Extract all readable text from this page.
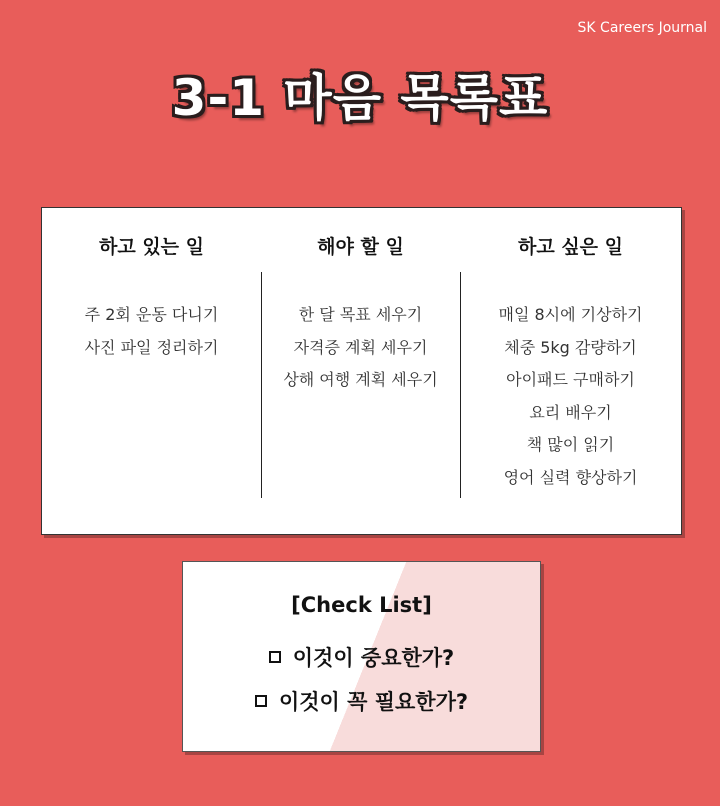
SK Careers Journal
3-1 마음 목록표
하고 있는 일
주 2회 운동 다니기
사진 파일 정리하기
해야 할 일
한 달 목표 세우기
자격증 계획 세우기
상해 여행 계획 세우기
하고 싶은 일
매일 8시에 기상하기
체중 5kg 감량하기
아이패드 구매하기
요리 배우기
책 많이 읽기
영어 실력 향상하기
[Check List]
이것이 중요한가?
이것이 꼭 필요한가?
